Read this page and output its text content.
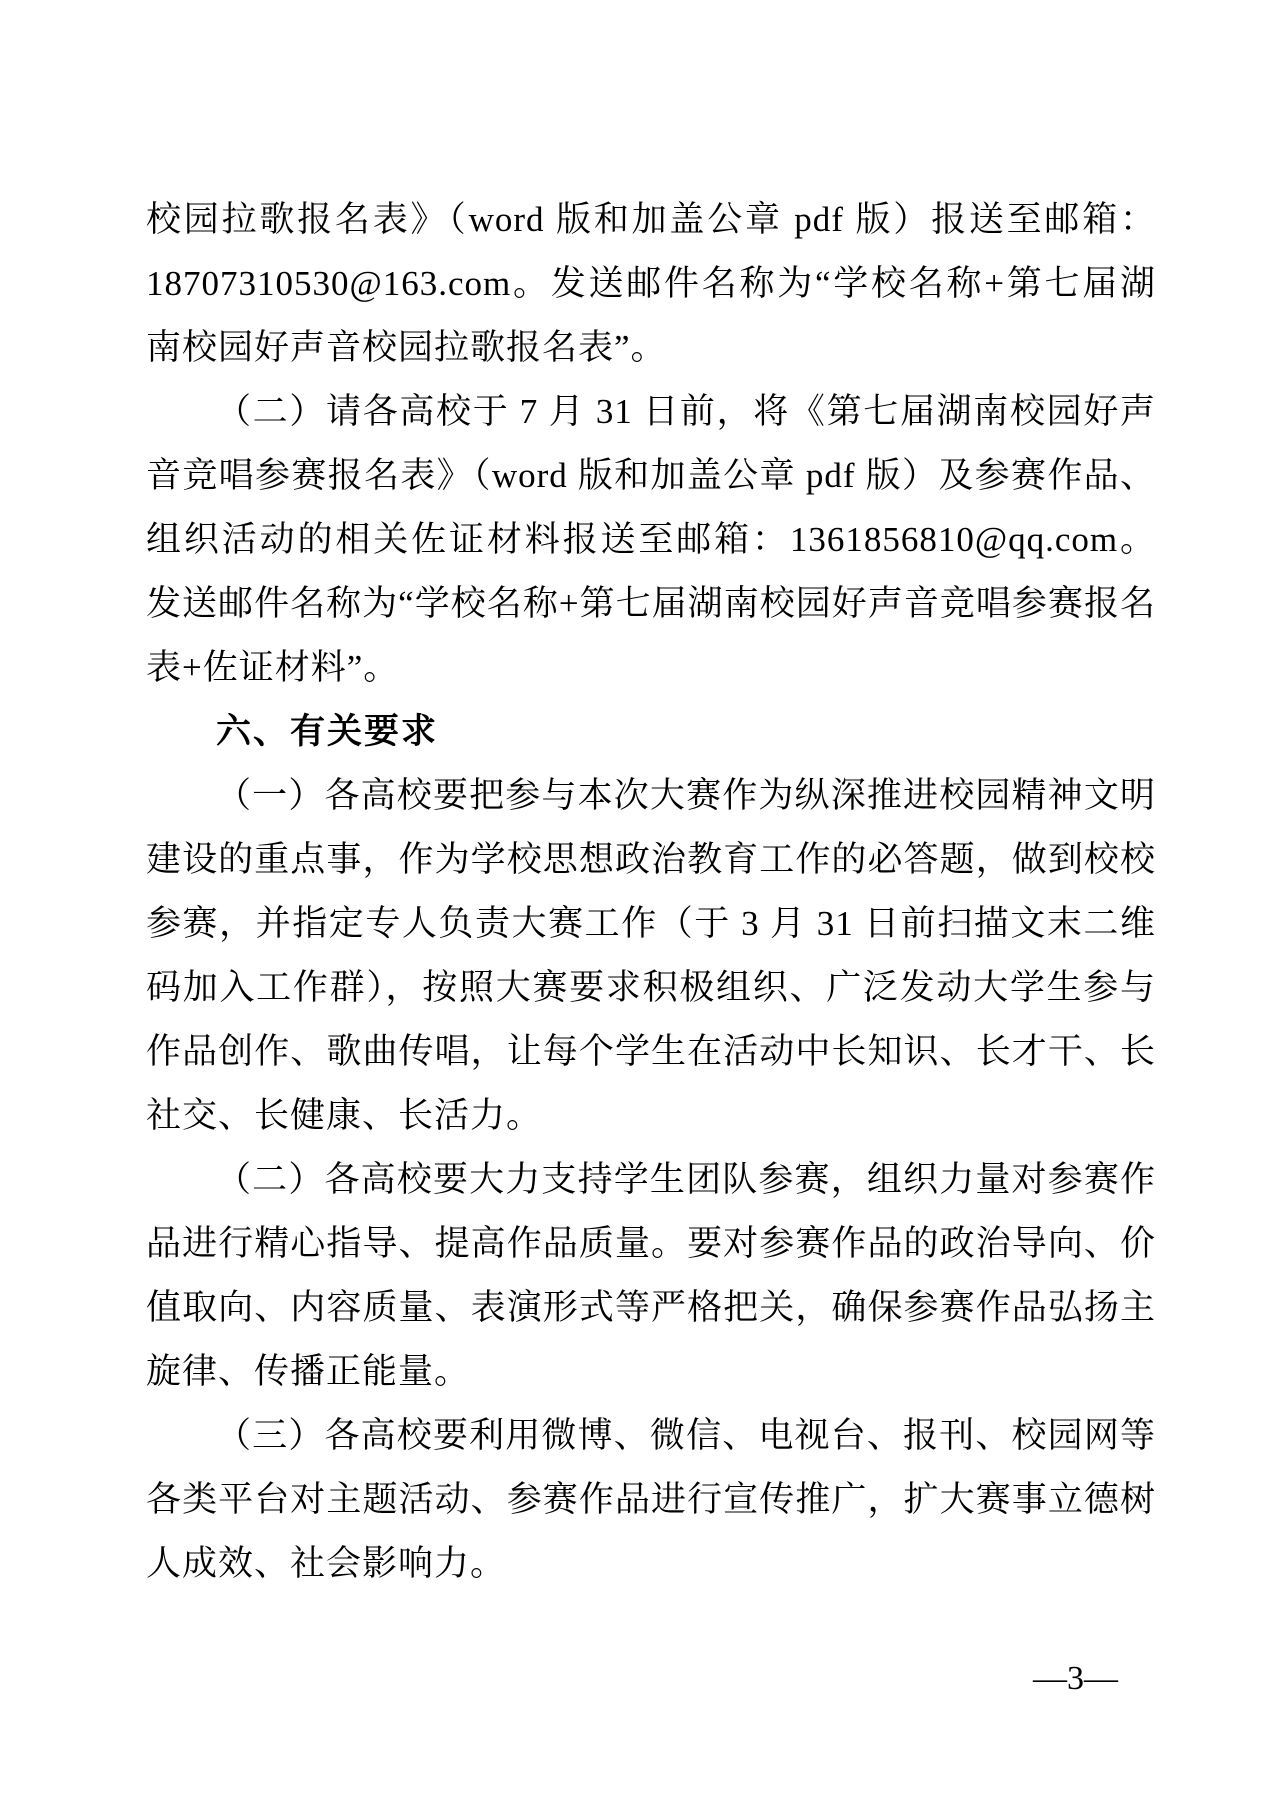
校园拉歌报名表》（word 版和加盖公章 pdf 版）报送至邮箱：18707310530@163.com。发送邮件名称为“学校名称+第七届湖南校园好声音校园拉歌报名表”。

（二）请各高校于 7 月 31 日前，将《第七届湖南校园好声音竞唱参赛报名表》（word 版和加盖公章 pdf 版）及参赛作品、组织活动的相关佐证材料报送至邮箱：1361856810@qq.com。发送邮件名称为“学校名称+第七届湖南校园好声音竞唱参赛报名表+佐证材料”。

六、有关要求

（一）各高校要把参与本次大赛作为纵深推进校园精神文明建设的重点事，作为学校思想政治教育工作的必答题，做到校校参赛，并指定专人负责大赛工作（于 3 月 31 日前扫描文末二维码加入工作群），按照大赛要求积极组织、广泛发动大学生参与作品创作、歌曲传唱，让每个学生在活动中长知识、长才干、长社交、长健康、长活力。

（二）各高校要大力支持学生团队参赛，组织力量对参赛作品进行精心指导、提高作品质量。要对参赛作品的政治导向、价值取向、内容质量、表演形式等严格把关，确保参赛作品弘扬主旋律、传播正能量。

（三）各高校要利用微博、微信、电视台、报刊、校园网等各类平台对主题活动、参赛作品进行宣传推广，扩大赛事立德树人成效、社会影响力。

—3—
